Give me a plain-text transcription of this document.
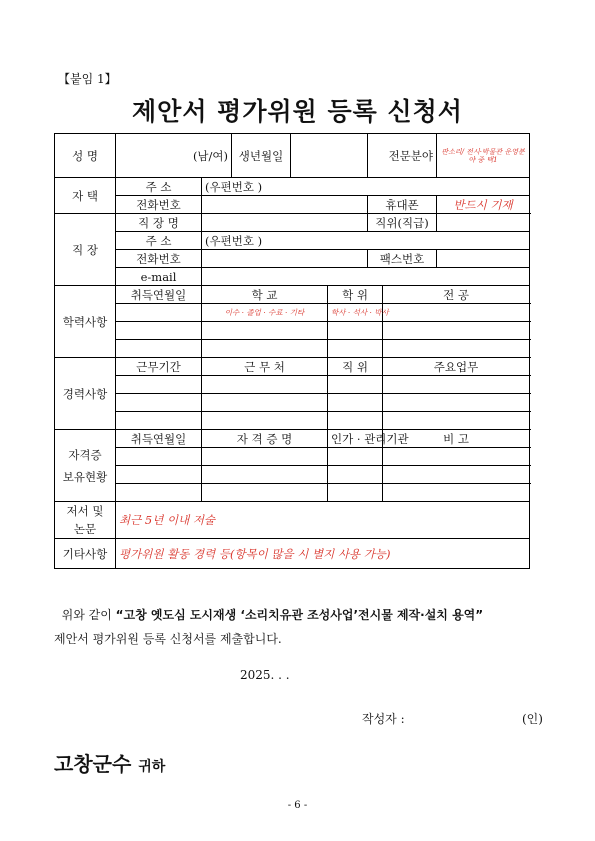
【붙임 1】
제안서 평가위원 등록 신청서
성 명	(남/여)		생년월일			전문분야		판소리/ 전시·박물관 운영분야 중 택1
자 택	주 소	(우편번호 )						
	전화번호					휴대폰		반드시 기재
직 장	직 장 명					직위(직급)		
	주 소	(우편번호 )						
	전화번호					팩스번호		
	e-mail							
학력사항	취득연월일	학 교			학 위		전 공	
		이수 · 졸업 · 수료 · 기타			학사 · 석사 · 박사			

경력사항	근무기간	근 무 처			직 위		주요업무	

자격증
보유현황	취득연월일	자 격 증 명			인가 · 관리기관		비 고	

저서 및
논문	최근 5년 이내 저술							
기타사항	평가위원 활동 경력 등(항목이 많을 시 별지 사용 가능)							
위와 같이 “고창 옛도심 도시재생 ‘소리치유관 조성사업’전시물 제작·설치 용역”
제안서 평가위원 등록 신청서를 제출합니다.
2025. . .
작성자 :	(인)
고창군수 귀하
- 6 -
